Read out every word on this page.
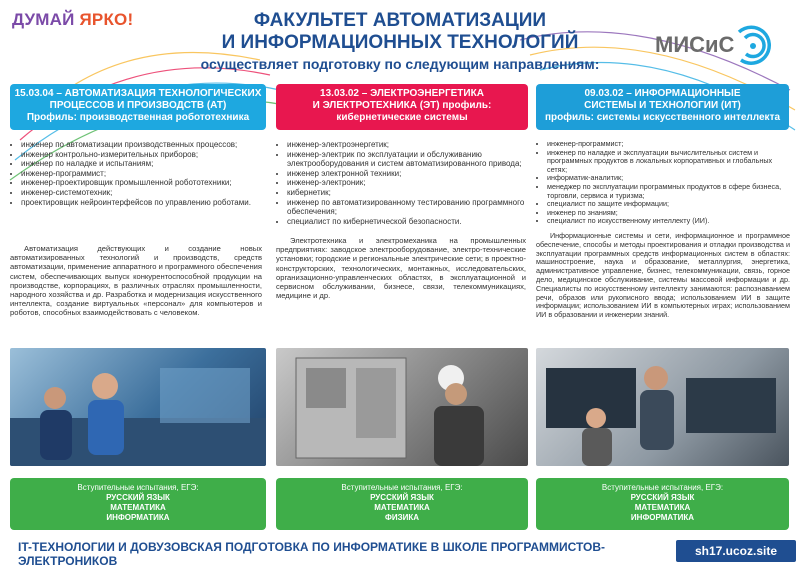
ДУМАЙ ЯРКО!	ФАКУЛЬТЕТ АВТОМАТИЗАЦИИ
И ИНФОРМАЦИОННЫХ ТЕХНОЛОГИЙ
осуществляет подготовку по следующим направлениям:
МИСиС
15.03.04 – АВТОМАТИЗАЦИЯ ТЕХНОЛОГИЧЕСКИХ
ПРОЦЕССОВ И ПРОИЗВОДСТВ (АТ)
Профиль: производственная робототехника
13.03.02 – ЭЛЕКТРОЭНЕРГЕТИКА
И ЭЛЕКТРОТЕХНИКА (ЭТ) профиль:
кибернетические системы
09.03.02 – ИНФОРМАЦИОННЫЕ
СИСТЕМЫ И ТЕХНОЛОГИИ (ИТ)
профиль: системы искусственного интеллекта
• инженер по автоматизации производственных процессов;
• инженер контрольно-измерительных приборов;
• инженер по наладке и испытаниям;
• инженер-программист;
• инженер-проектировщик промышленной робототехники;
• инженер-системотехник;
• проектировщик нейроинтерфейсов по управлению роботами.
• инженер-электроэнергетик;
• инженер-электрик по эксплуатации и обслуживанию электрооборудования и систем автоматизированного привода;
• инженер электронной техники;
• инженер-электроник;
• кибернетик;
• инженер по автоматизированному тестированию программного обеспечения;
• специалист по кибернетической безопасности.
• инженер-программист;
• инженер по наладке и эксплуатации вычислительных систем и программных продуктов в локальных корпоративных и глобальных сетях;
• информатик-аналитик;
• менеджер по эксплуатации программных продуктов в сфере бизнеса, торговли, сервиса и туризма;
• специалист по защите информации;
• инженер по знаниям;
• специалист по искусственному интеллекту (ИИ).
Автоматизация действующих и создание новых автоматизированных технологий и производств, средств автоматизации, применение аппаратного и программного обеспечения систем, обеспечивающих выпуск конкурентоспособной продукции на производстве, корпорациях, в различных отраслях промышленности, народного хозяйства и др. Разработка и модернизация искусственного интеллекта, создание виртуальных «персонал» для компьютеров и роботов, способных взаимодействовать с человеком.
Электротехника и электромеханика на промышленных предприятиях: заводское электрооборудование, электро-технические установки; городские и региональные электрические сети; в проектно-конструкторских, технологических, монтажных, исследовательских, организационно-управленческих областях, в эксплуатационной и сервисном обслуживании, бизнесе, связи, телекоммуникациях, медицине и др.
Информационные системы и сети, информационное и программное обеспечение, способы и методы проектирования и отладки производства и эксплуатации программных средств информационных систем в областях: машиностроение, наука и образование, металлургия, энергетика, административное управление, бизнес, телекоммуникации, связь, горное дело, медицинское обслуживание, системы массовой информации и др. Специалисты по искусственному интеллекту занимаются: распознаванием речи, образов или рукописного ввода; использованием ИИ в защите информации; использованием ИИ в компьютерных играх; использованием ИИ в образовании и инженерии знаний.
Вступительные испытания, ЕГЭ:
РУССКИЙ ЯЗЫК
МАТЕМАТИКА
ИНФОРМАТИКА
Вступительные испытания, ЕГЭ:
РУССКИЙ ЯЗЫК
МАТЕМАТИКА
ФИЗИКА
Вступительные испытания, ЕГЭ:
РУССКИЙ ЯЗЫК
МАТЕМАТИКА
ИНФОРМАТИКА
IT-ТЕХНОЛОГИИ И ДОВУЗОВСКАЯ ПОДГОТОВКА ПО ИНФОРМАТИКЕ В ШКОЛЕ ПРОГРАММИСТОВ-ЭЛЕКТРОНИКОВ
sh17.ucoz.site
